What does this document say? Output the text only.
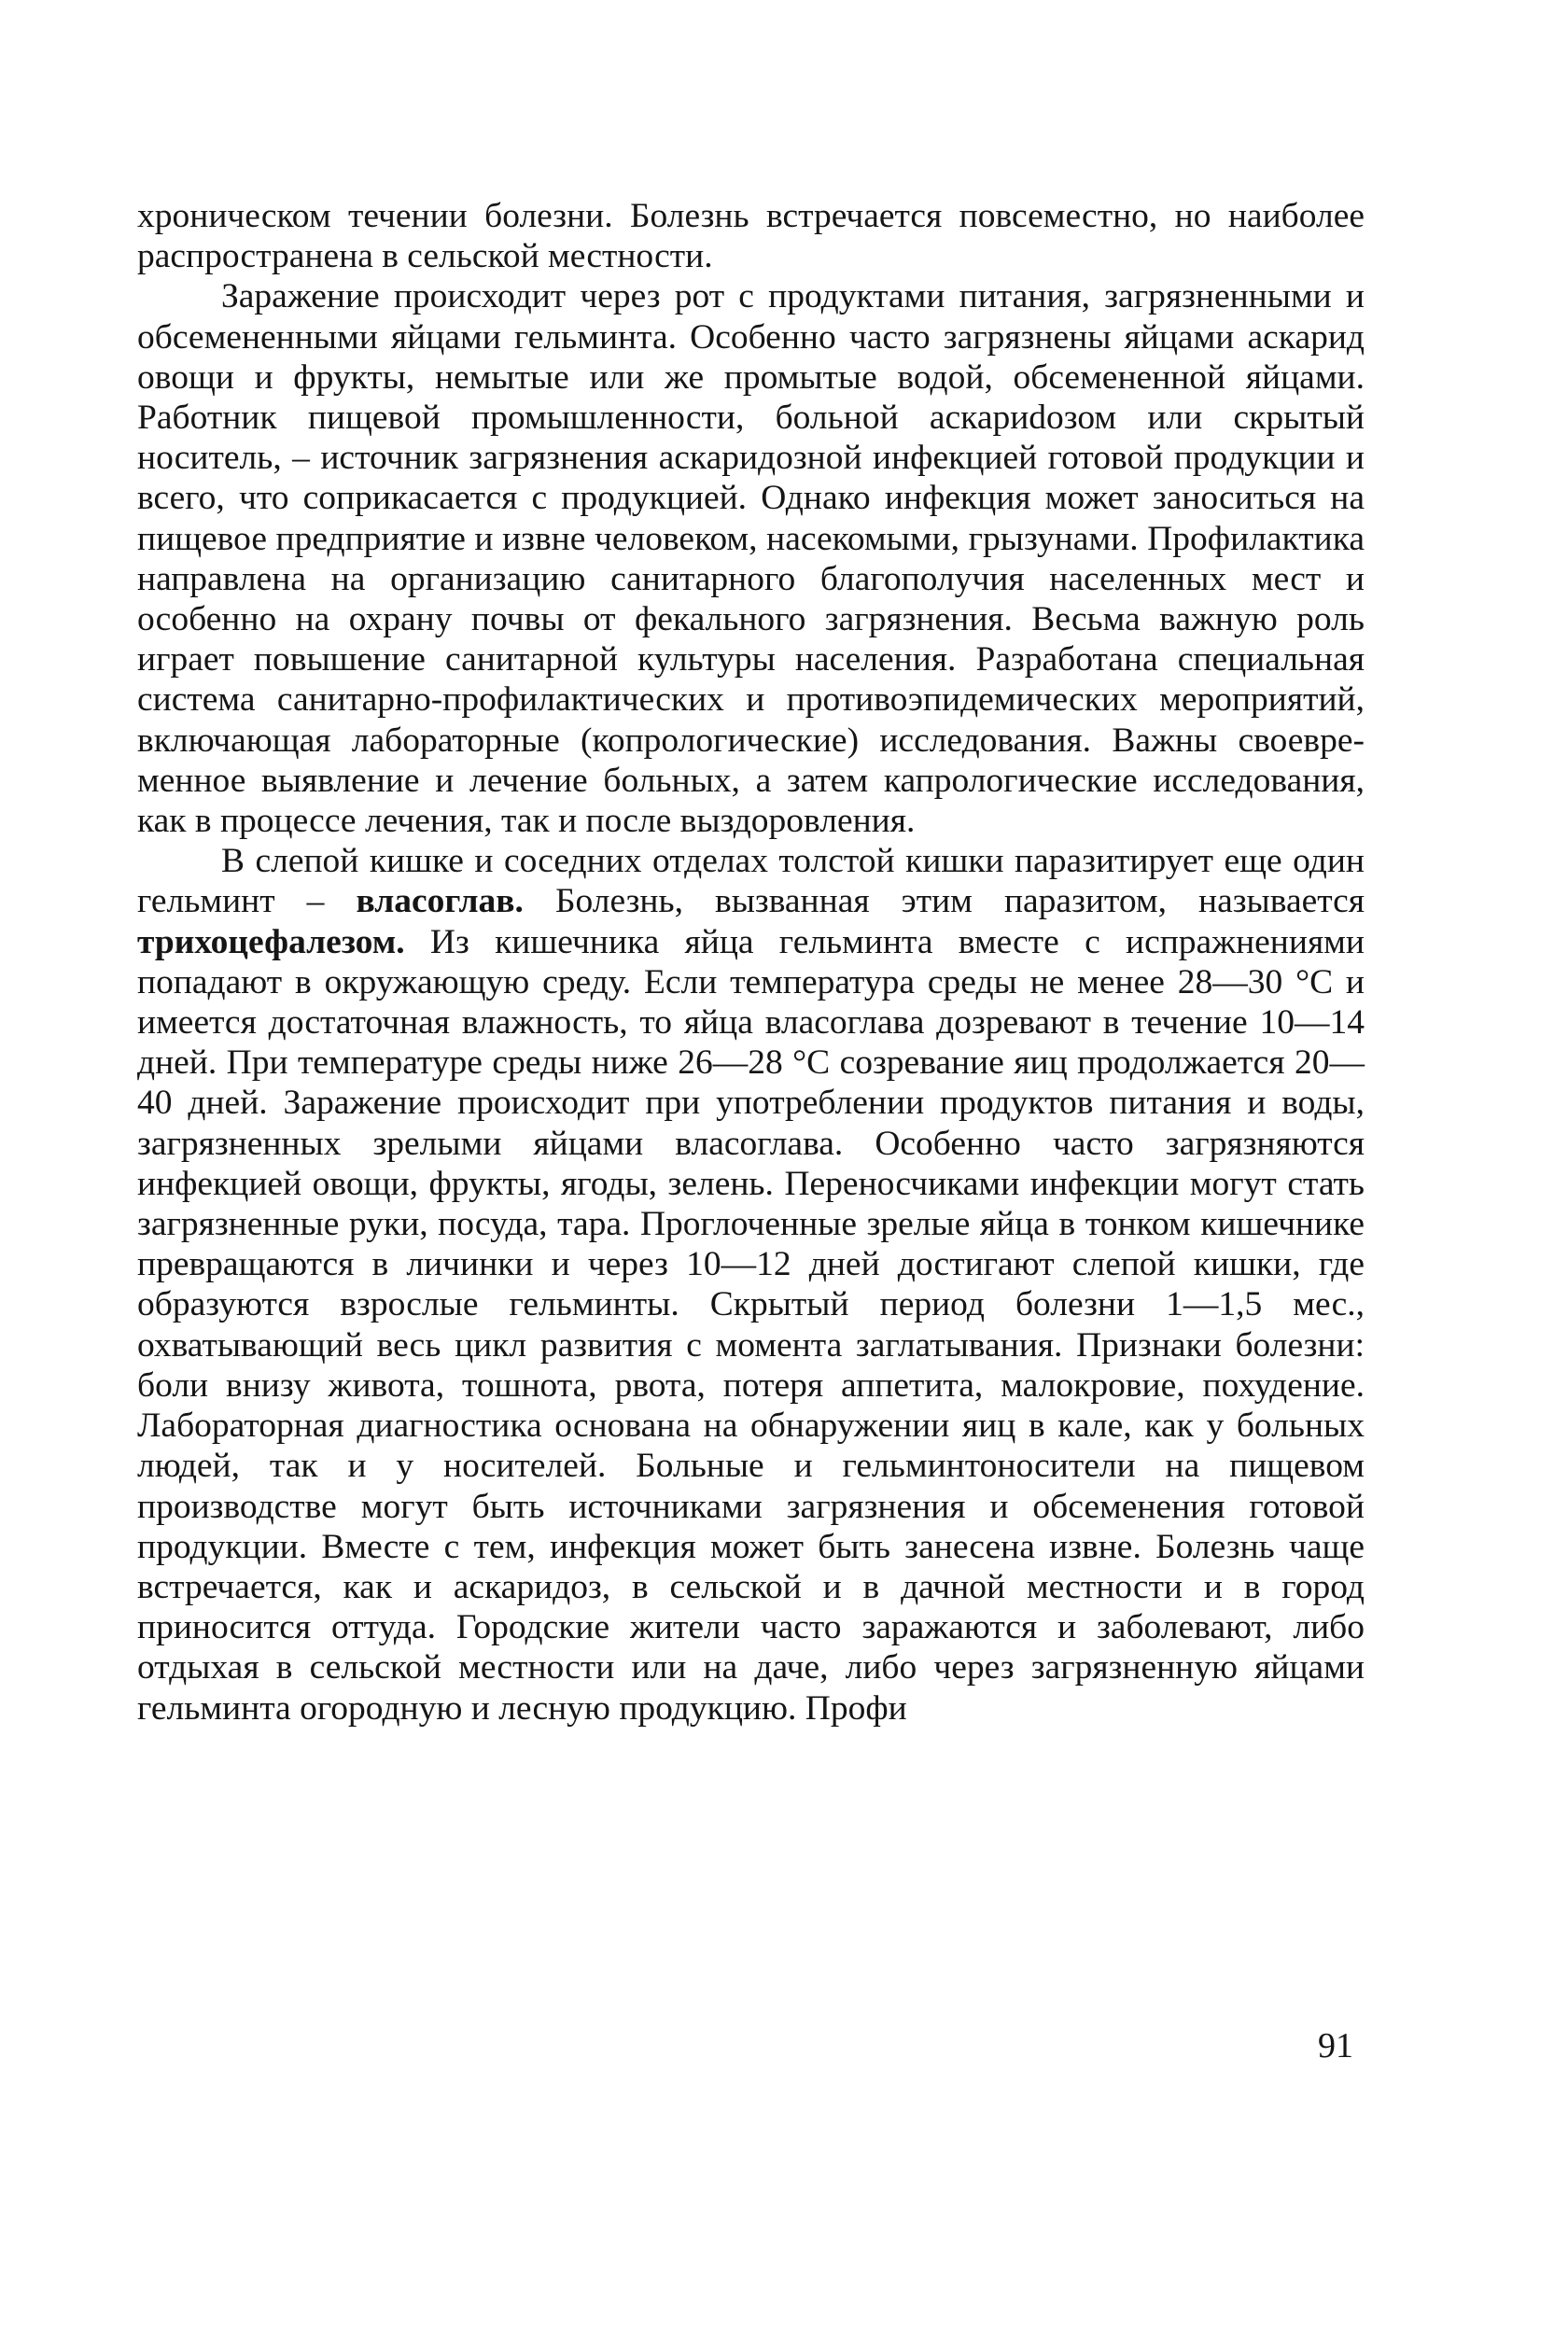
хроническом течении болезни. Болезнь встречается повсеместно, но наиболее распространена в сельской местности.

Заражение происходит через рот с продуктами питания, загрязненными и обсемененными яйцами гельминта. Особенно часто загрязнены яйцами аскарид овощи и фрукты, немытые или же промытые водой, обсемененной яйцами. Работник пищевой промышленности, больной аскариdозом или скрытый носитель, – источник загрязнения аскаридозной инфекцией готовой продукции и всего, что соприкасается с продукцией. Однако инфекция может заноситься на пищевое предприятие и извне человеком, насекомыми, грызунами. Профилактика направлена на организацию санитарного благополучия населенных мест и особенно на охрану почвы от фекального загрязнения. Весьма важную роль играет повышение санитарной культуры населения. Разработана специальная система санитарно-профилактических и противоэпидемических мероприятий, включающая лабораторные (копрологические) исследования. Важны своевременное выявление и лечение больных, а затем капрологические исследования, как в процессе лечения, так и после выздоровления.

В слепой кишке и соседних отделах толстой кишки паразитирует еще один гельминт – власоглав. Болезнь, вызванная этим паразитом, называется трихоцефалезом. Из кишечника яйца гельминта вместе с испражнениями попадают в окружающую среду. Если температура среды не менее 28—30 °С и имеется достаточная влажность, то яйца власоглава дозревают в течение 10—14 дней. При температуре среды ниже 26—28 °С созревание яиц продолжается 20—40 дней. Заражение происходит при употреблении продуктов питания и воды, загрязненных зрелыми яйцами власоглава. Особенно часто загрязняются инфекцией овощи, фрукты, ягоды, зелень. Переносчиками инфекции могут стать загрязненные руки, посуда, тара. Проглоченные зрелые яйца в тонком кишечнике превращаются в личинки и через 10—12 дней достигают слепой кишки, где образуются взрослые гельминты. Скрытый период болезни 1—1,5 мес., охватывающий весь цикл развития с момента заглатывания. Признаки болезни: боли внизу живота, тошнота, рвота, потеря аппетита, малокровие, похудение. Лабораторная диагностика основана на обнаружении яиц в кале, как у больных людей, так и у носителей. Больные и гельминтоносители на пищевом производстве могут быть источниками загрязнения и обсеменения готовой продукции. Вместе с тем, инфекция может быть занесена извне. Болезнь чаще встречается, как и аскаридоз, в сельской и в дачной местности и в город приносится оттуда. Городские жители часто заражаются и заболевают, либо отдыхая в сельской местности или на даче, либо через загрязненную яйцами гельминта огородную и лесную продукцию. Профи

91
